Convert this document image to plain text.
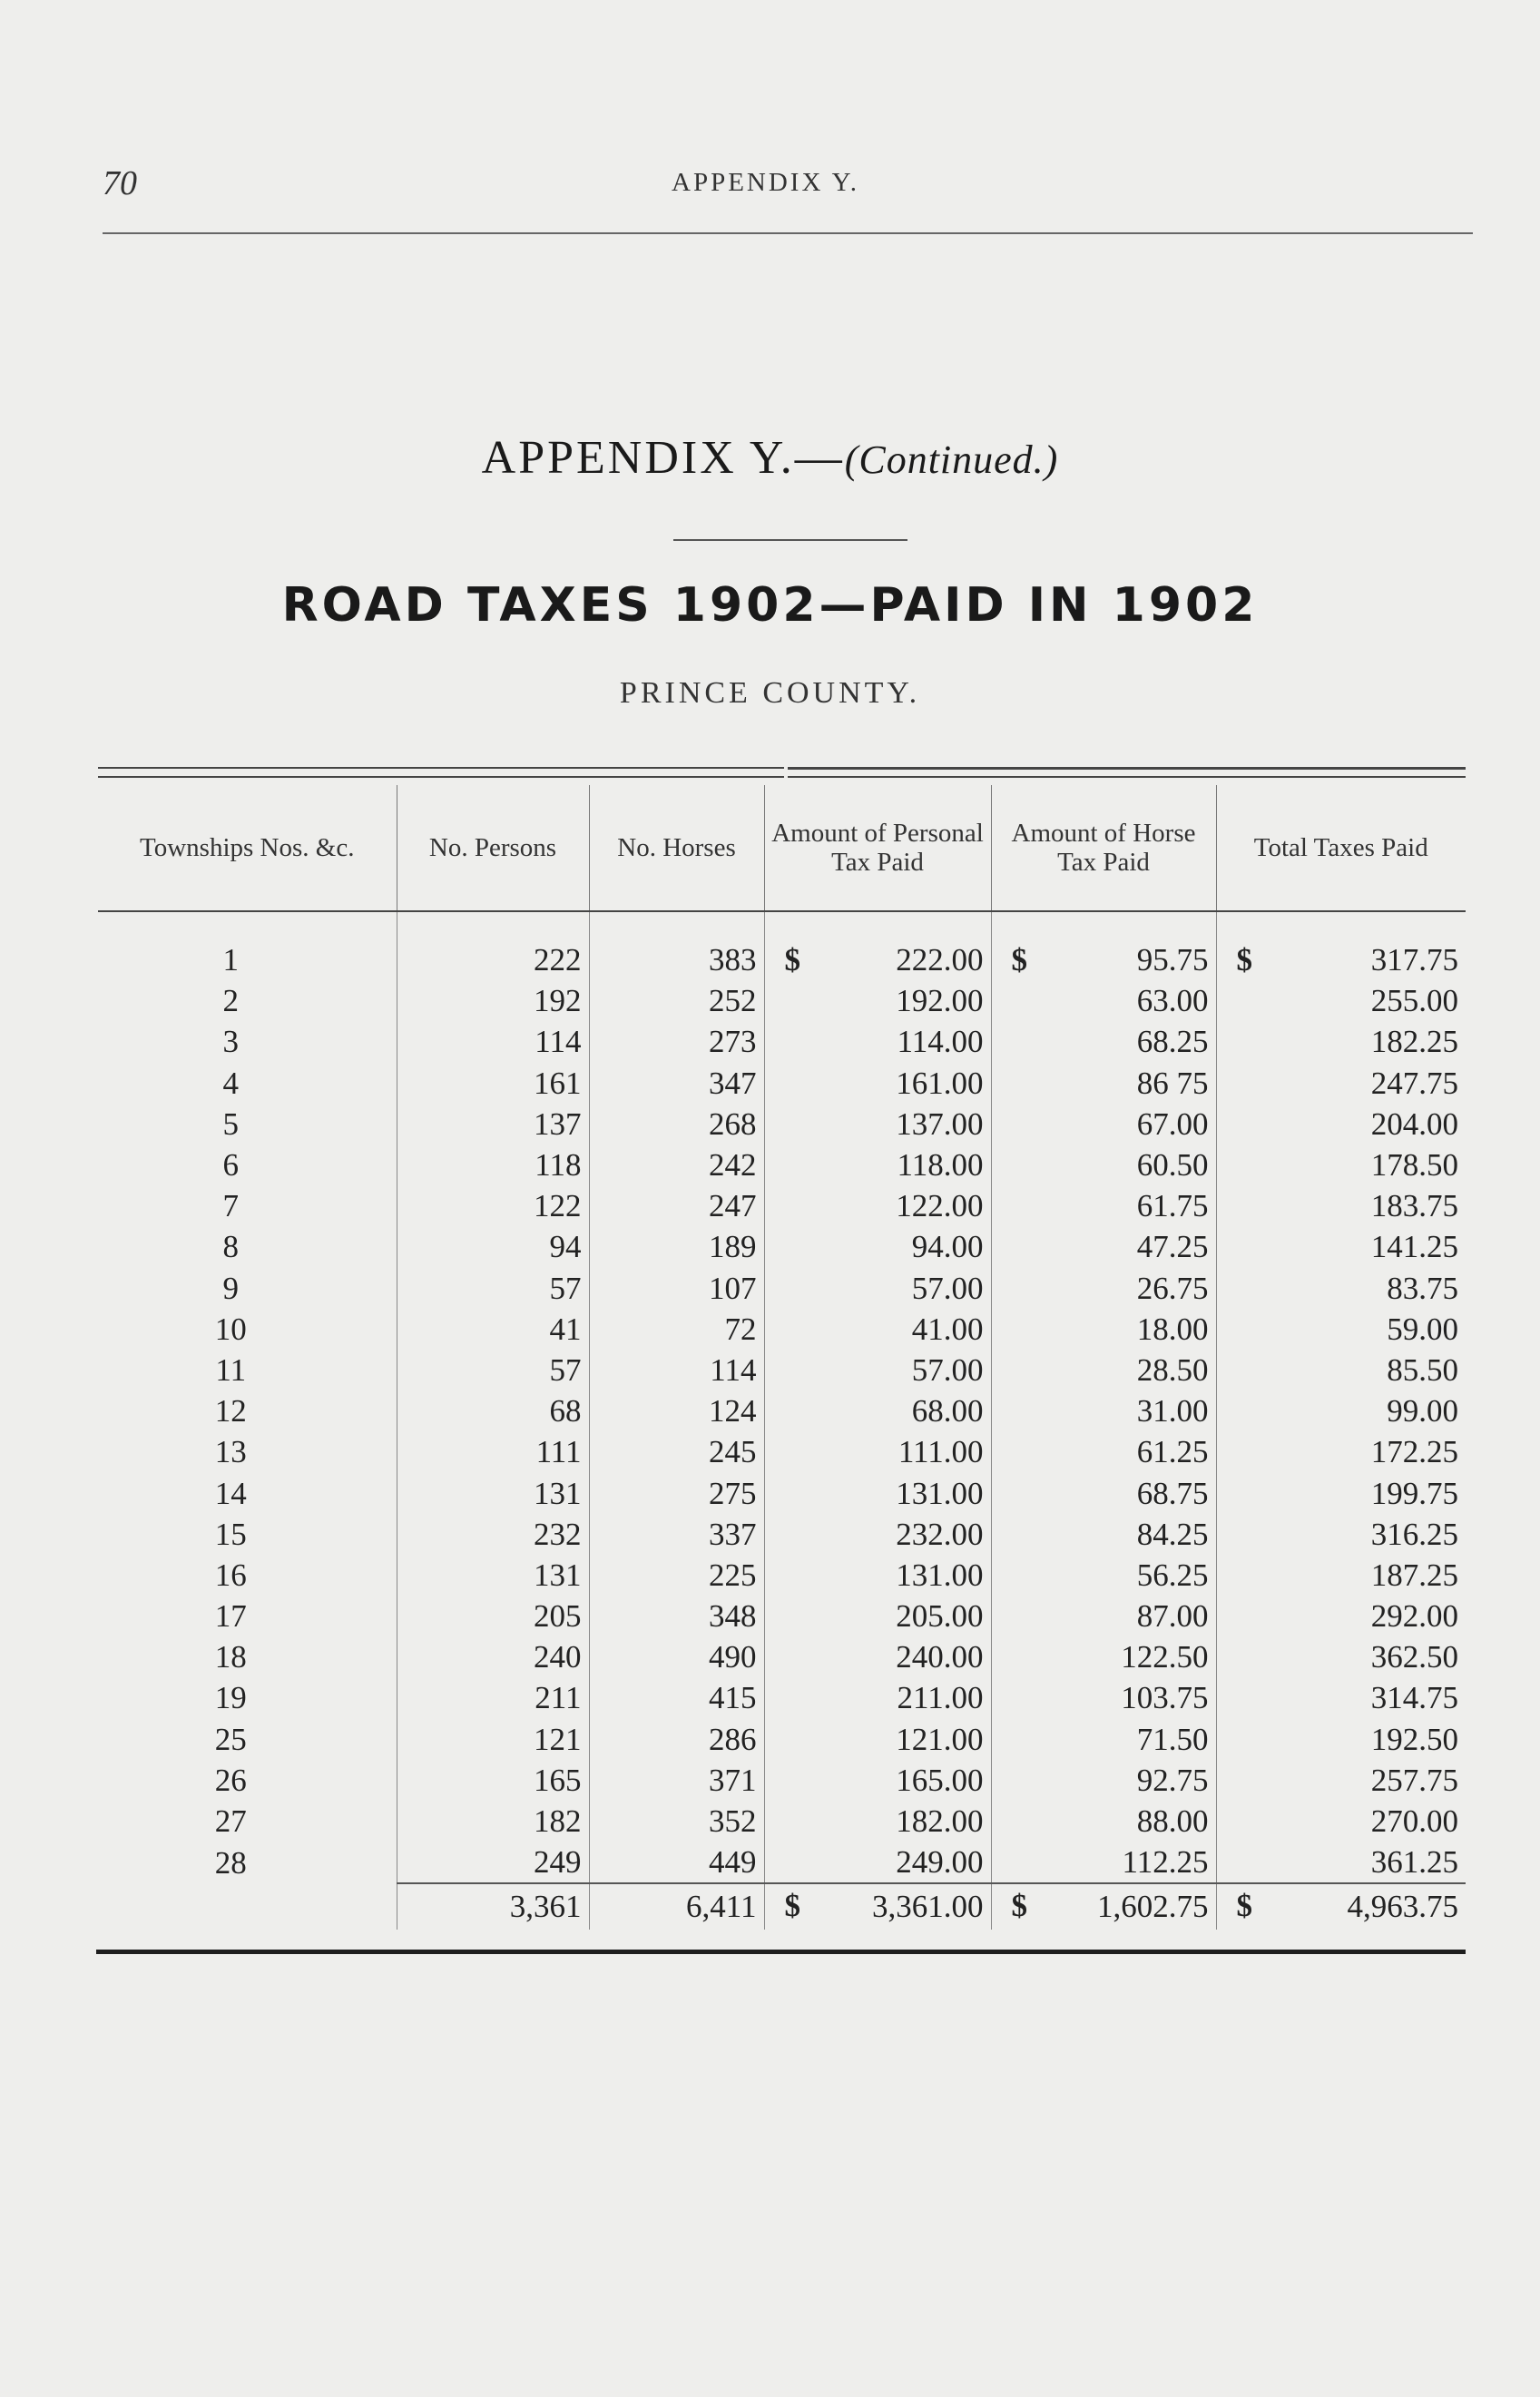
70	APPENDIX Y.
APPENDIX Y.—(Continued.)
ROAD TAXES 1902—PAID IN 1902
PRINCE COUNTY.
Townships Nos. &c.	No. Persons	No. Horses	Amount of Personal Tax Paid	Amount of Horse Tax Paid	Total Taxes Paid

1	222	383	$ 222.00	$ 95.75	$ 317.75
2	192	252	192.00	63.00	255.00
3	114	273	114.00	68.25	182.25
4	161	347	161.00	86 75	247.75
5	137	268	137.00	67.00	204.00
6	118	242	118.00	60.50	178.50
7	122	247	122.00	61.75	183.75
8	94	189	94.00	47.25	141.25
9	57	107	57.00	26.75	83.75
10	41	72	41.00	18.00	59.00
11	57	114	57.00	28.50	85.50
12	68	124	68.00	31.00	99.00
13	111	245	111.00	61.25	172.25
14	131	275	131.00	68.75	199.75
15	232	337	232.00	84.25	316.25
16	131	225	131.00	56.25	187.25
17	205	348	205.00	87.00	292.00
18	240	490	240.00	122.50	362.50
19	211	415	211.00	103.75	314.75
25	121	286	121.00	71.50	192.50
26	165	371	165.00	92.75	257.75
27	182	352	182.00	88.00	270.00
28	249	449	249.00	112.25	361.25
	3,361	6,411	$ 3,361.00	$ 1,602.75	$ 4,963.75
